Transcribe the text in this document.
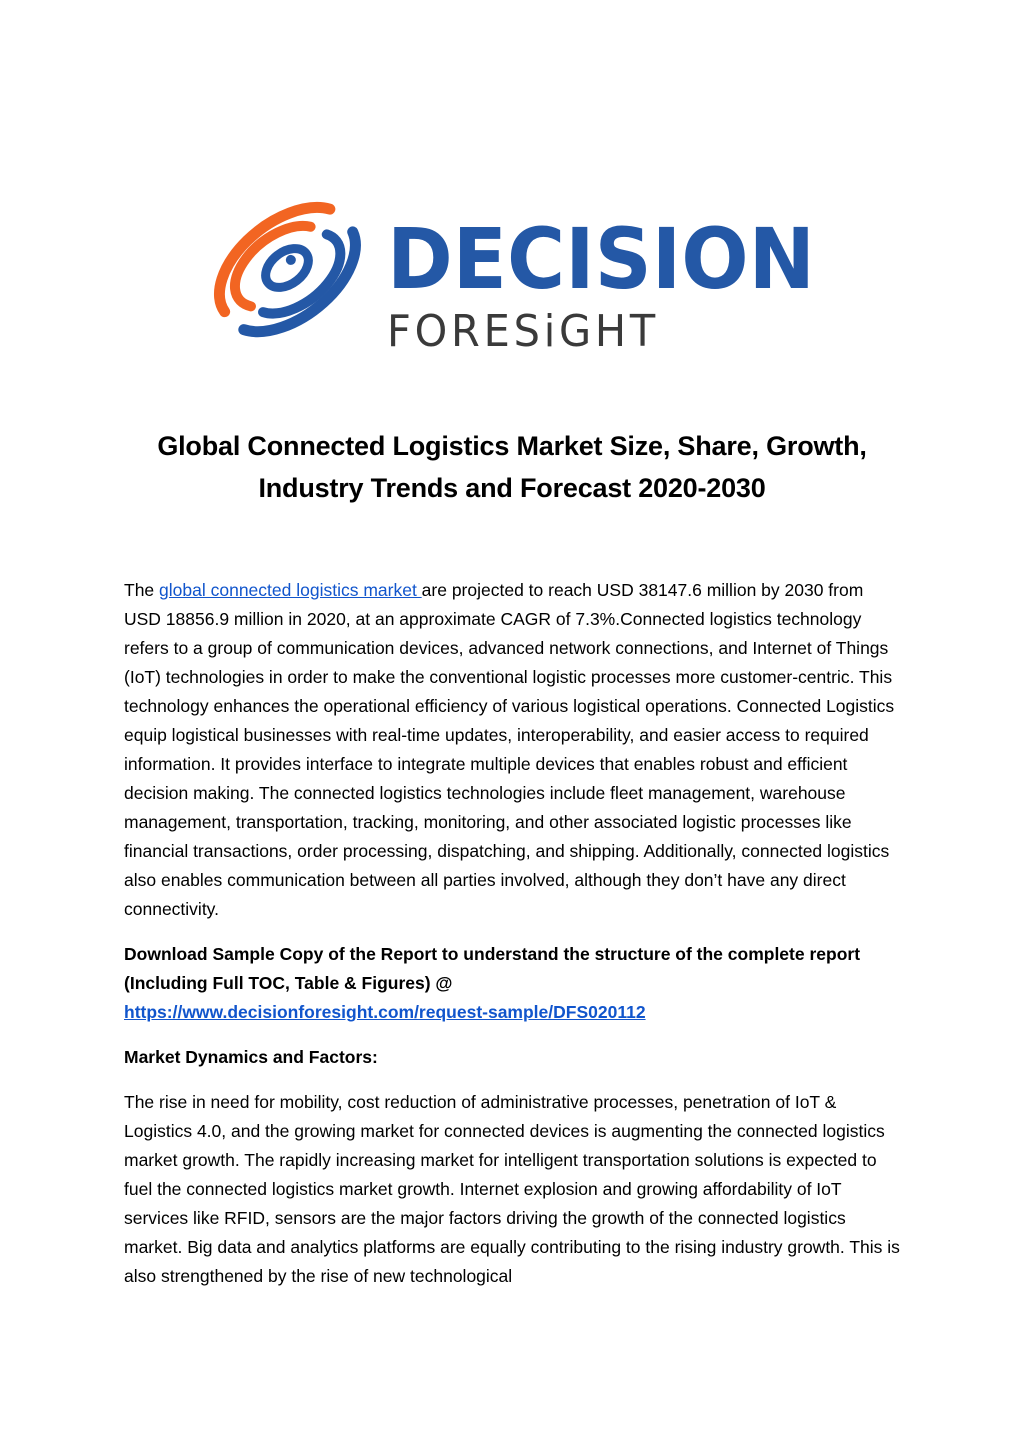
DECISION
FORESiGHT
Global Connected Logistics Market Size, Share, Growth,
Industry Trends and Forecast 2020-2030

The global connected logistics market are projected to reach USD 38147.6 million by 2030 from USD 18856.9 million in 2020, at an approximate CAGR of 7.3%.Connected logistics technology refers to a group of communication devices, advanced network connections, and Internet of Things (IoT) technologies in order to make the conventional logistic processes more customer-centric. This technology enhances the operational efficiency of various logistical operations. Connected Logistics equip logistical businesses with real-time updates, interoperability, and easier access to required information. It provides interface to integrate multiple devices that enables robust and efficient decision making. The connected logistics technologies include fleet management, warehouse management, transportation, tracking, monitoring, and other associated logistic processes like financial transactions, order processing, dispatching, and shipping. Additionally, connected logistics also enables communication between all parties involved, although they don’t have any direct connectivity.

Download Sample Copy of the Report to understand the structure of the complete report (Including Full TOC, Table & Figures) @
https://www.decisionforesight.com/request-sample/DFS020112

Market Dynamics and Factors:

The rise in need for mobility, cost reduction of administrative processes, penetration of IoT & Logistics 4.0, and the growing market for connected devices is augmenting the connected logistics market growth. The rapidly increasing market for intelligent transportation solutions is expected to fuel the connected logistics market growth. Internet explosion and growing affordability of IoT services like RFID, sensors are the major factors driving the growth of the connected logistics market. Big data and analytics platforms are equally contributing to the rising industry growth. This is also strengthened by the rise of new technological
